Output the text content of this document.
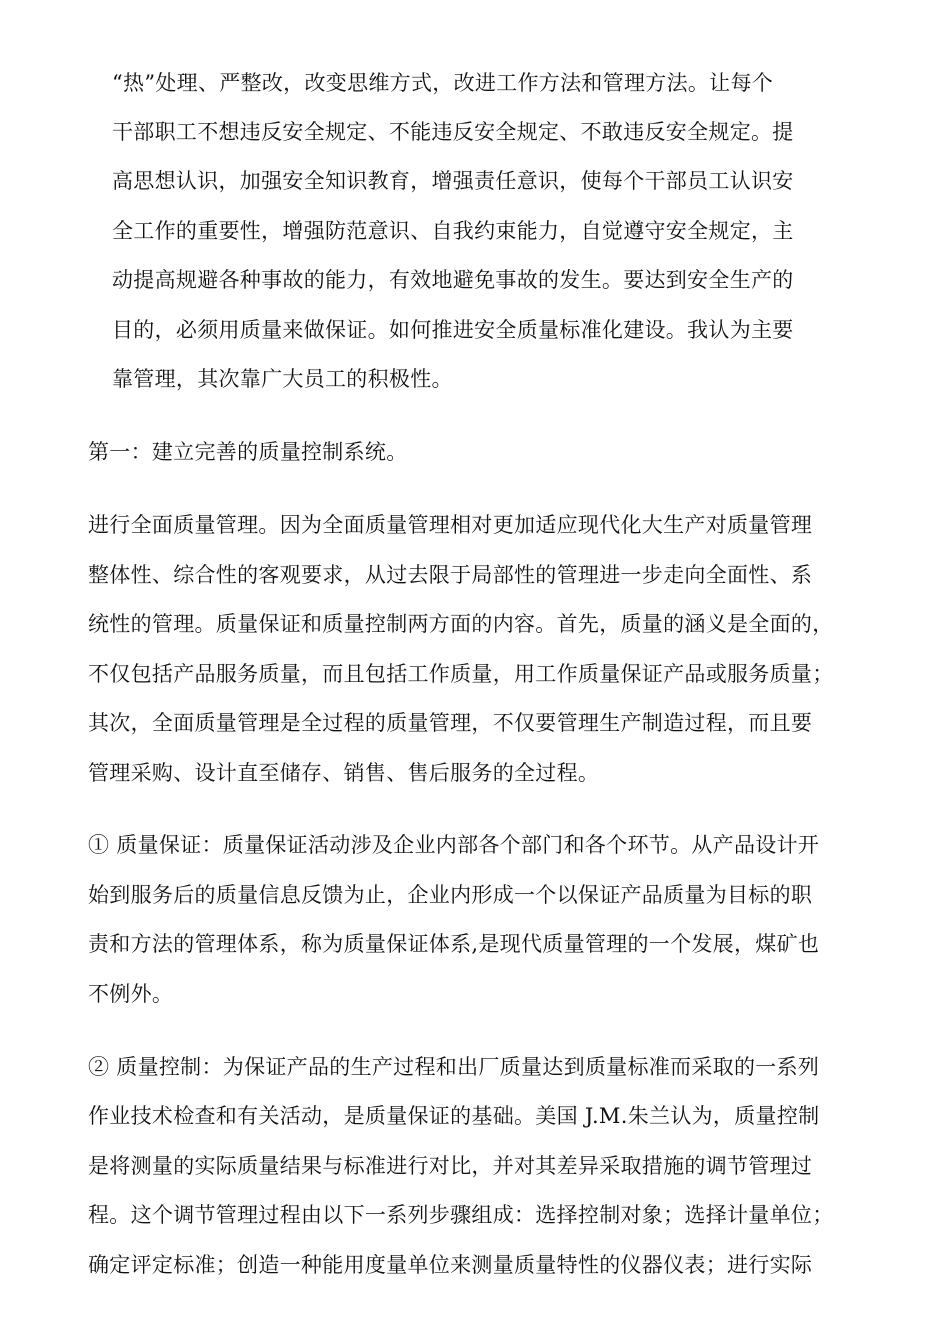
“热”处理、严整改，改变思维方式，改进工作方法和管理方法。让每个
干部职工不想违反安全规定、不能违反安全规定、不敢违反安全规定。提
高思想认识，加强安全知识教育，增强责任意识，使每个干部员工认识安
全工作的重要性，增强防范意识、自我约束能力，自觉遵守安全规定，主
动提高规避各种事故的能力，有效地避免事故的发生。要达到安全生产的
目的，必须用质量来做保证。如何推进安全质量标准化建设。我认为主要
靠管理，其次靠广大员工的积极性。
第一：建立完善的质量控制系统。
进行全面质量管理。因为全面质量管理相对更加适应现代化大生产对质量管理
整体性、综合性的客观要求，从过去限于局部性的管理进一步走向全面性、系
统性的管理。质量保证和质量控制两方面的内容。首先，质量的涵义是全面的，
不仅包括产品服务质量，而且包括工作质量，用工作质量保证产品或服务质量；
其次，全面质量管理是全过程的质量管理，不仅要管理生产制造过程，而且要
管理采购、设计直至储存、销售、售后服务的全过程。
① 质量保证：质量保证活动涉及企业内部各个部门和各个环节。从产品设计开
始到服务后的质量信息反馈为止，企业内形成一个以保证产品质量为目标的职
责和方法的管理体系，称为质量保证体系,是现代质量管理的一个发展，煤矿也
不例外。
② 质量控制：为保证产品的生产过程和出厂质量达到质量标准而采取的一系列
作业技术检查和有关活动，是质量保证的基础。美国 J.M.朱兰认为，质量控制
是将测量的实际质量结果与标准进行对比，并对其差异采取措施的调节管理过
程。这个调节管理过程由以下一系列步骤组成：选择控制对象；选择计量单位；
确定评定标准；创造一种能用度量单位来测量质量特性的仪器仪表；进行实际
